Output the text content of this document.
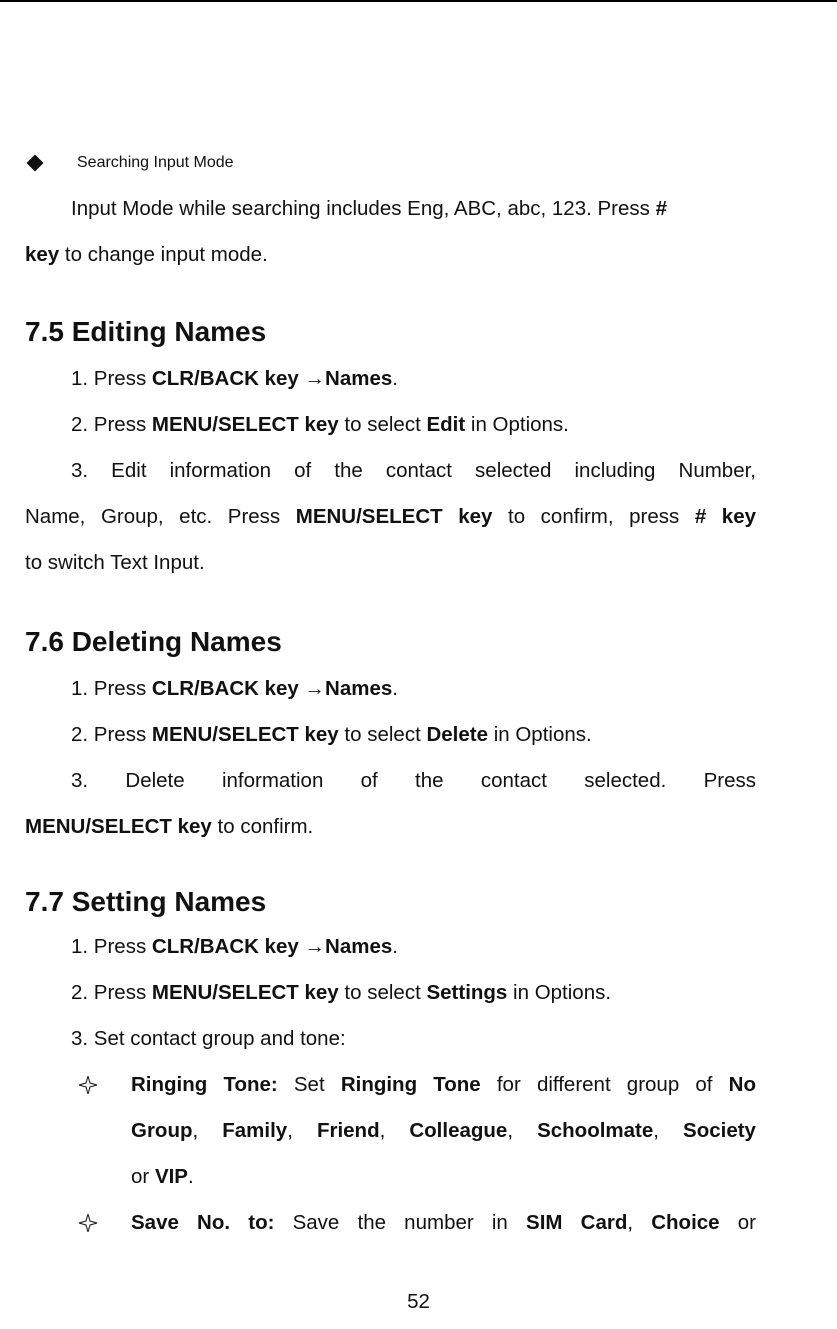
Searching Input Mode

Input Mode while searching includes Eng, ABC, abc, 123. Press #

key to change input mode.

7.5 Editing Names

1. Press CLR/BACK key →Names.

2. Press MENU/SELECT key to select Edit in Options.

3. Edit information of the contact selected including Number,

Name, Group, etc. Press MENU/SELECT key to confirm, press # key

to switch Text Input.

7.6 Deleting Names

1. Press CLR/BACK key →Names.

2. Press MENU/SELECT key to select Delete in Options.

3. Delete information of the contact selected. Press

MENU/SELECT key to confirm.

7.7 Setting Names

1. Press CLR/BACK key →Names.

2. Press MENU/SELECT key to select Settings in Options.

3. Set contact group and tone:

Ringing Tone: Set Ringing Tone for different group of No

Group, Family, Friend, Colleague, Schoolmate, Society

or VIP.

Save No. to: Save the number in SIM Card, Choice or

52
